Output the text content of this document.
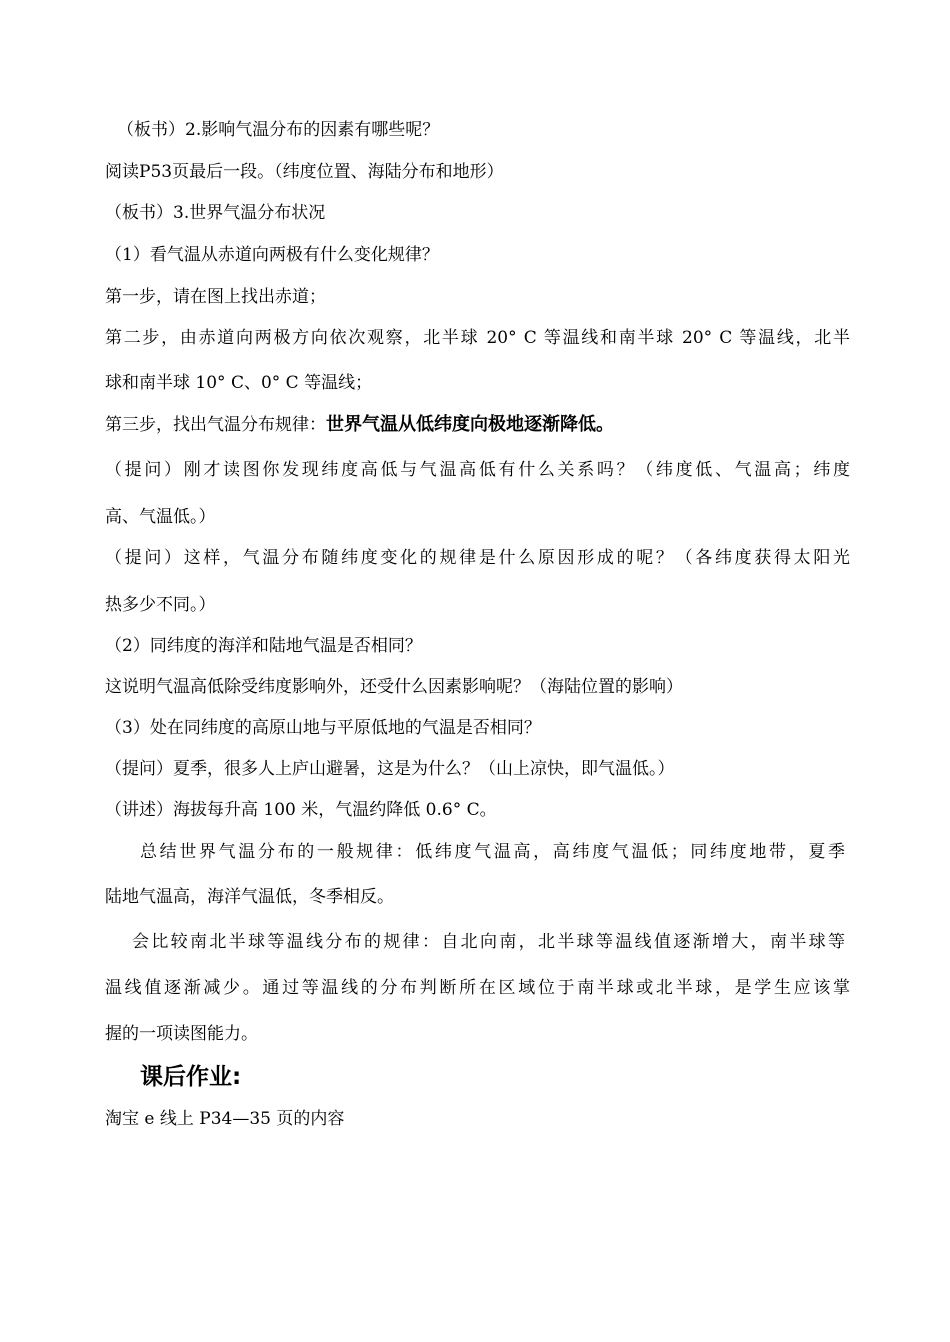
（板书）2.影响气温分布的因素有哪些呢？
阅读P53页最后一段。（纬度位置、海陆分布和地形）
（板书）3.世界气温分布状况
（1）看气温从赤道向两极有什么变化规律？
第一步，请在图上找出赤道；
第二步，由赤道向两极方向依次观察，北半球 20° C 等温线和南半球 20° C 等温线，北半
球和南半球 10° C、0° C 等温线；
第三步，找出气温分布规律：世界气温从低纬度向极地逐渐降低。
（提问）刚才读图你发现纬度高低与气温高低有什么关系吗？（纬度低、气温高；纬度
高、气温低。）
（提问）这样，气温分布随纬度变化的规律是什么原因形成的呢？（各纬度获得太阳光
热多少不同。）
（2）同纬度的海洋和陆地气温是否相同？
这说明气温高低除受纬度影响外，还受什么因素影响呢？（海陆位置的影响）
（3）处在同纬度的高原山地与平原低地的气温是否相同？
（提问）夏季，很多人上庐山避暑，这是为什么？（山上凉快，即气温低。）
（讲述）海拔每升高 100 米，气温约降低 0.6° C。
总结世界气温分布的一般规律：低纬度气温高，高纬度气温低；同纬度地带，夏季
陆地气温高，海洋气温低，冬季相反。
会比较南北半球等温线分布的规律：自北向南，北半球等温线值逐渐增大，南半球等
温线值逐渐减少。通过等温线的分布判断所在区域位于南半球或北半球，是学生应该掌
握的一项读图能力。
课后作业:
淘宝 e 线上 P34—35 页的内容
